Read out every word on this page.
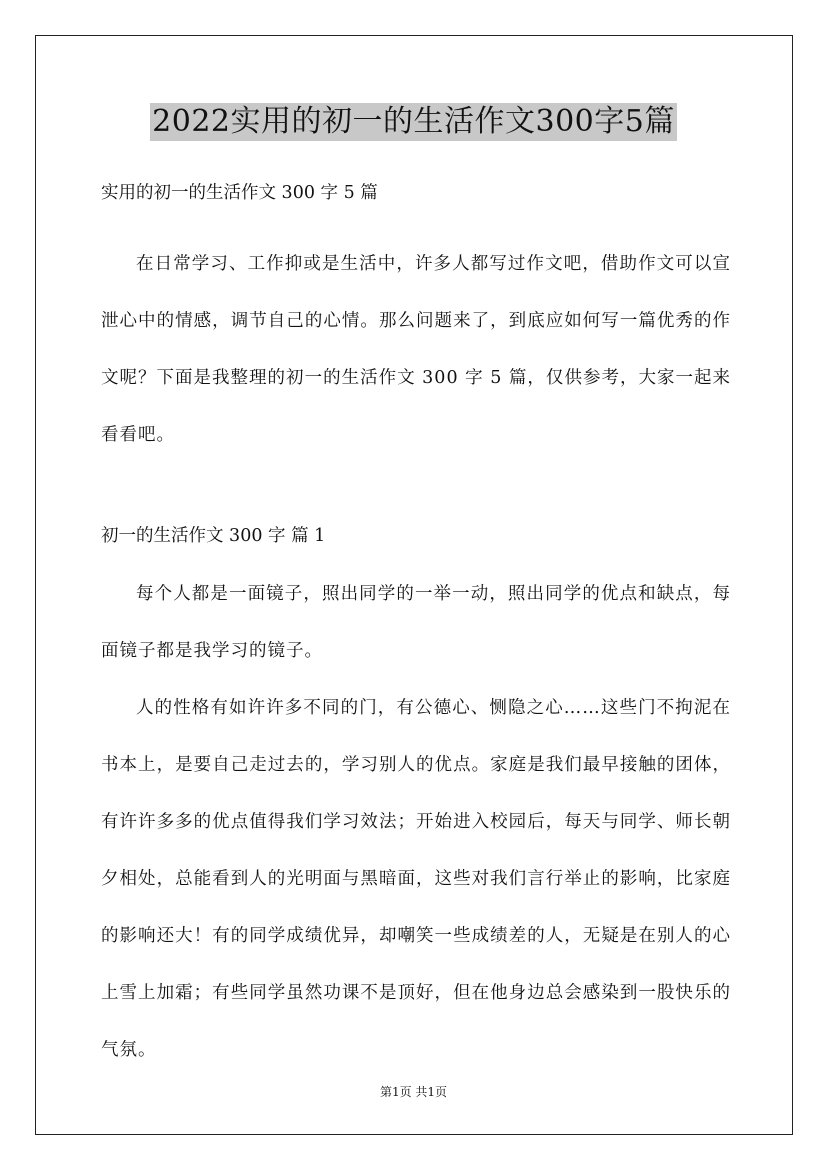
2022实用的初一的生活作文300字5篇
实用的初一的生活作文 300 字 5 篇

在日常学习、工作抑或是生活中，许多人都写过作文吧，借助作文可以宣泄心中的情感，调节自己的心情。那么问题来了，到底应如何写一篇优秀的作文呢？下面是我整理的初一的生活作文 300 字 5 篇，仅供参考，大家一起来看看吧。

初一的生活作文 300 字 篇 1

每个人都是一面镜子，照出同学的一举一动，照出同学的优点和缺点，每面镜子都是我学习的镜子。

人的性格有如许许多不同的门，有公德心、恻隐之心……这些门不拘泥在书本上，是要自己走过去的，学习别人的优点。家庭是我们最早接触的团体，有许许多多的优点值得我们学习效法；开始进入校园后，每天与同学、师长朝夕相处，总能看到人的光明面与黑暗面，这些对我们言行举止的影响，比家庭的影响还大！有的同学成绩优异，却嘲笑一些成绩差的人，无疑是在别人的心上雪上加霜；有些同学虽然功课不是顶好，但在他身边总会感染到一股快乐的气氛。

第1页 共1页
